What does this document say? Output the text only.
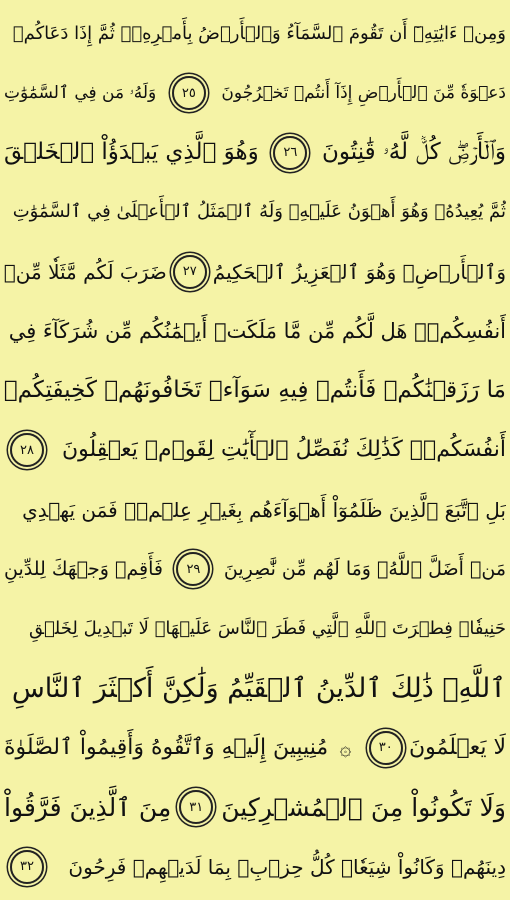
وَمِنۡ ءَايَٰتِهِۦٓ أَن تَقُومَ ٱلسَّمَآءُ وَٱلۡأَرۡضُ بِأَمۡرِهِۦۚ ثُمَّ إِذَا دَعَاكُمۡ
دَعۡوَةٗ مِّنَ ٱلۡأَرۡضِ إِذَآ أَنتُمۡ تَخۡرُجُونَ
٢٥
وَلَهُۥ مَن فِي ٱلسَّمَٰوَٰتِ
وَٱلۡأَرۡضِۖ كُلّٞ لَّهُۥ قَٰنِتُونَ
٢٦
وَهُوَ ٱلَّذِي يَبۡدَؤُاْ ٱلۡخَلۡقَ
ثُمَّ يُعِيدُهُۥ وَهُوَ أَهۡوَنُ عَلَيۡهِۚ وَلَهُ ٱلۡمَثَلُ ٱلۡأَعۡلَىٰ فِي ٱلسَّمَٰوَٰتِ
وَٱلۡأَرۡضِۚ وَهُوَ ٱلۡعَزِيزُ ٱلۡحَكِيمُ
٢٧
ضَرَبَ لَكُم مَّثَلٗا مِّنۡ
أَنفُسِكُمۡۖ هَل لَّكُم مِّن مَّا مَلَكَتۡ أَيۡمَٰنُكُم مِّن شُرَكَآءَ فِي
مَا رَزَقۡنَٰكُمۡ فَأَنتُمۡ فِيهِ سَوَآءٞ تَخَافُونَهُمۡ كَخِيفَتِكُمۡ
أَنفُسَكُمۡۚ كَذَٰلِكَ نُفَصِّلُ ٱلۡأٓيَٰتِ لِقَوۡمٖ يَعۡقِلُونَ
٢٨
بَلِ ٱتَّبَعَ ٱلَّذِينَ ظَلَمُوٓاْ أَهۡوَآءَهُم بِغَيۡرِ عِلۡمٖۖ فَمَن يَهۡدِي
مَنۡ أَضَلَّ ٱللَّهُۖ وَمَا لَهُم مِّن نَّٰصِرِينَ
٢٩
فَأَقِمۡ وَجۡهَكَ لِلدِّينِ
حَنِيفٗاۚ فِطۡرَتَ ٱللَّهِ ٱلَّتِي فَطَرَ ٱلنَّاسَ عَلَيۡهَاۚ لَا تَبۡدِيلَ لِخَلۡقِ
ٱللَّهِۚ ذَٰلِكَ ٱلدِّينُ ٱلۡقَيِّمُ وَلَٰكِنَّ أَكۡثَرَ ٱلنَّاسِ
لَا يَعۡلَمُونَ
٣٠
۞
مُنِيبِينَ إِلَيۡهِ وَٱتَّقُوهُ وَأَقِيمُواْ ٱلصَّلَوٰةَ
وَلَا تَكُونُواْ مِنَ ٱلۡمُشۡرِكِينَ
٣١
مِنَ ٱلَّذِينَ فَرَّقُواْ
دِينَهُمۡ وَكَانُواْ شِيَعٗاۖ كُلُّ حِزۡبِۢ بِمَا لَدَيۡهِمۡ فَرِحُونَ
٣٢
